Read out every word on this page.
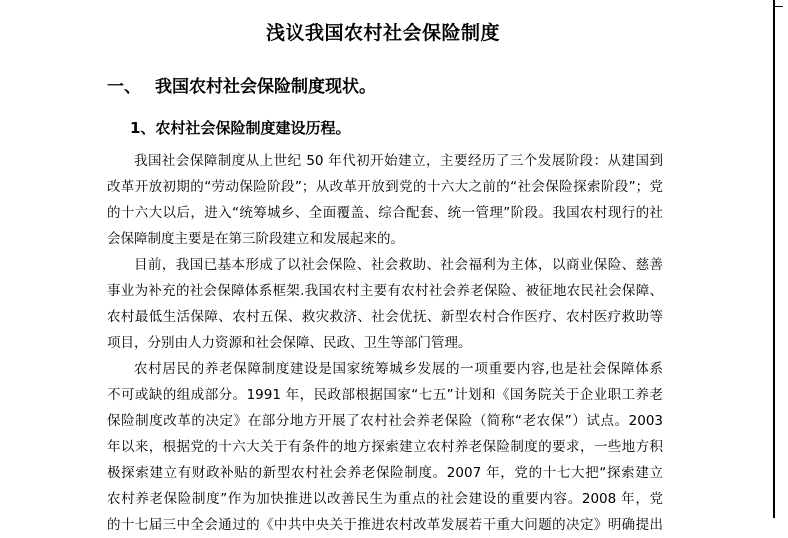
浅议我国农村社会保险制度
一、 我国农村社会保险制度现状。
1、农村社会保险制度建设历程。
我国社会保障制度从上世纪 50 年代初开始建立，主要经历了三个发展阶段：从建国到
改革开放初期的“劳动保险阶段”；从改革开放到党的十六大之前的“社会保险探索阶段”；党
的十六大以后，进入“统筹城乡、全面覆盖、综合配套、统一管理”阶段。我国农村现行的社
会保障制度主要是在第三阶段建立和发展起来的。
目前，我国已基本形成了以社会保险、社会救助、社会福利为主体，以商业保险、慈善
事业为补充的社会保障体系框架.我国农村主要有农村社会养老保险、被征地农民社会保障、
农村最低生活保障、农村五保、救灾救济、社会优抚、新型农村合作医疗、农村医疗救助等
项目，分别由人力资源和社会保障、民政、卫生等部门管理。
农村居民的养老保障制度建设是国家统筹城乡发展的一项重要内容,也是社会保障体系
不可或缺的组成部分。1991 年，民政部根据国家“七五”计划和《国务院关于企业职工养老
保险制度改革的决定》在部分地方开展了农村社会养老保险（简称“老农保”）试点。2003
年以来，根据党的十六大关于有条件的地方探索建立农村养老保险制度的要求，一些地方积
极探索建立有财政补贴的新型农村社会养老保险制度。2007 年，党的十七大把“探索建立
农村养老保险制度”作为加快推进以改善民生为重点的社会建设的重要内容。2008 年，党
的十七届三中全会通过的《中共中央关于推进农村改革发展若干重大问题的决定》明确提出
